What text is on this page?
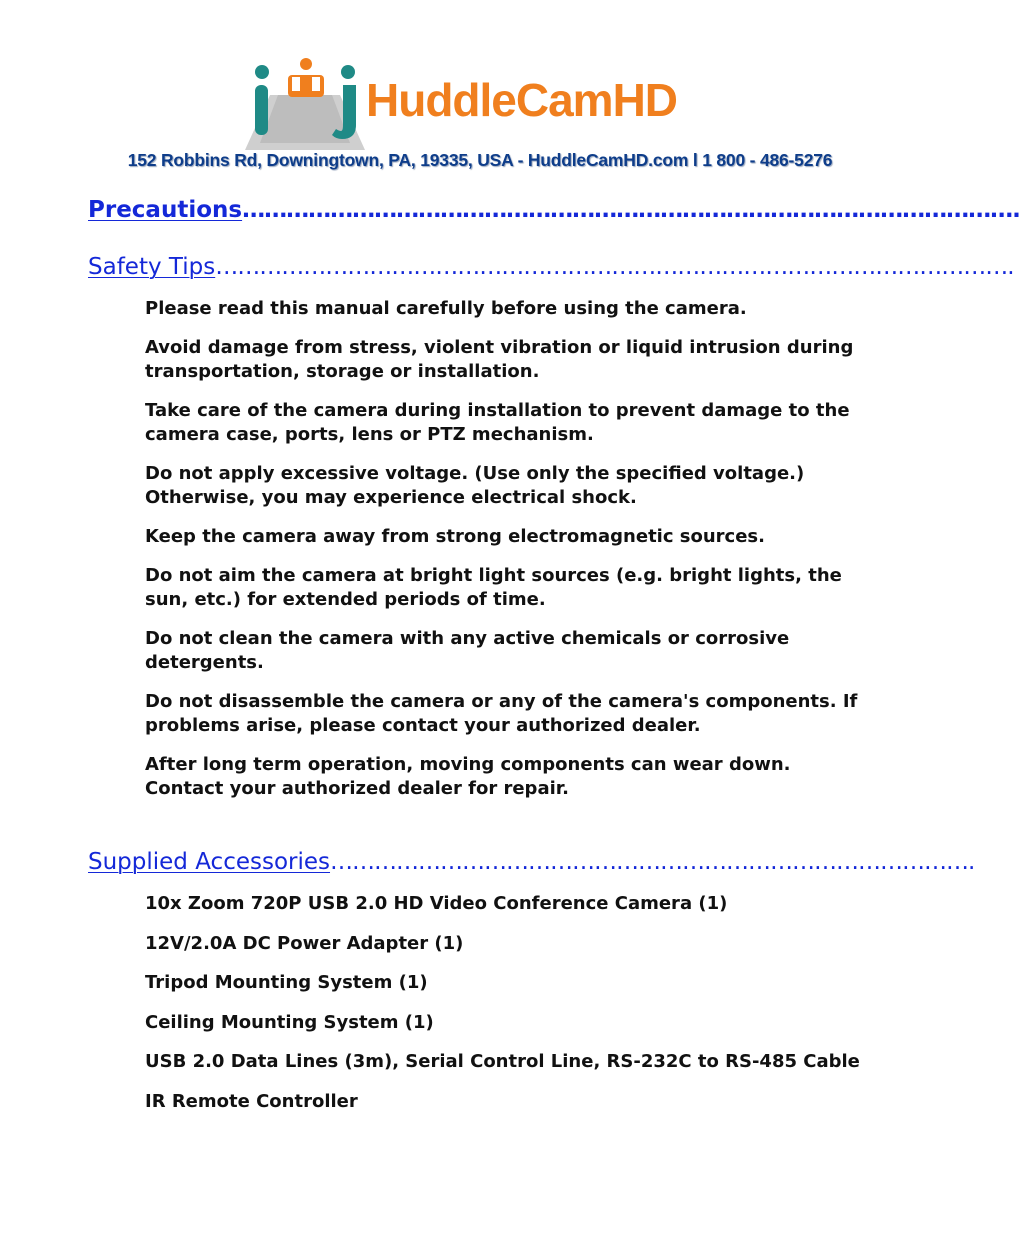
HuddleCamHD
152 Robbins Rd, Downingtown, PA, 19335, USA - HuddleCamHD.com l 1 800 - 486-5276
Precautions…………………………………………………………………………………………….
Safety Tips……………………………………………………………………………………………….
Please read this manual carefully before using the camera.
Avoid damage from stress, violent vibration or liquid intrusion during transportation, storage or installation.
Take care of the camera during installation to prevent damage to the camera case, ports, lens or PTZ mechanism.
Do not apply excessive voltage. (Use only the specified voltage.) Otherwise, you may experience electrical shock.
Keep the camera away from strong electromagnetic sources.
Do not aim the camera at bright light sources (e.g. bright lights, the sun, etc.) for extended periods of time.
Do not clean the camera with any active chemicals or corrosive detergents.
Do not disassemble the camera or any of the camera's components. If problems arise, please contact your authorized dealer.
After long term operation, moving components can wear down. Contact your authorized dealer for repair.
Supplied Accessories…………………………………………………………………………….
10x Zoom 720P USB 2.0 HD Video Conference Camera (1)
12V/2.0A DC Power Adapter (1)
Tripod Mounting System (1)
Ceiling Mounting System (1)
USB 2.0 Data Lines (3m), Serial Control Line, RS-232C to RS-485 Cable
IR Remote Controller
